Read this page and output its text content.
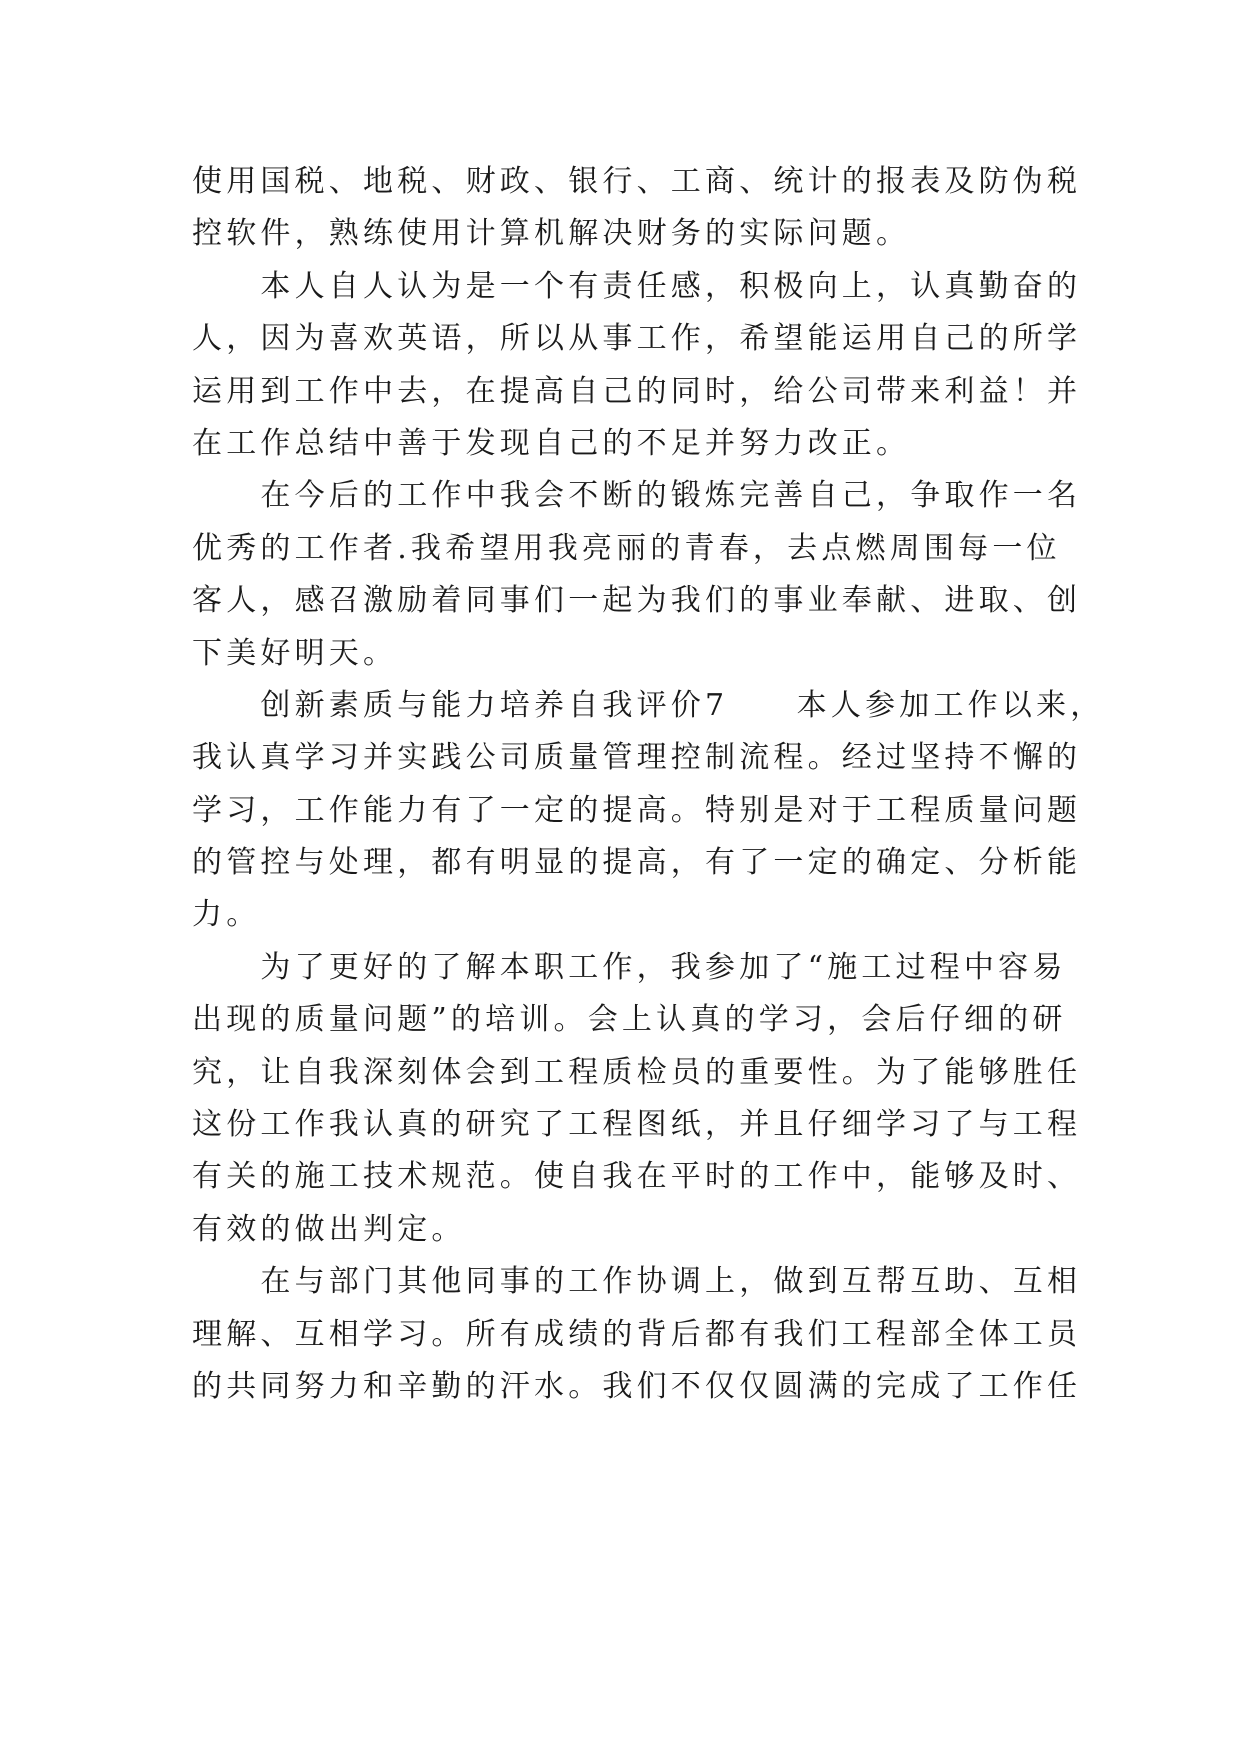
使用国税、地税、财政、银行、工商、统计的报表及防伪税
控软件，熟练使用计算机解决财务的实际问题。
　　本人自人认为是一个有责任感，积极向上，认真勤奋的
人，因为喜欢英语，所以从事工作，希望能运用自己的所学
运用到工作中去，在提高自己的同时，给公司带来利益！并
在工作总结中善于发现自己的不足并努力改正。
　　在今后的工作中我会不断的锻炼完善自己，争取作一名
优秀的工作者.我希望用我亮丽的青春，去点燃周围每一位
客人，感召激励着同事们一起为我们的事业奉献、进取、创
下美好明天。
　　创新素质与能力培养自我评价7　　本人参加工作以来，
我认真学习并实践公司质量管理控制流程。经过坚持不懈的
学习，工作能力有了一定的提高。特别是对于工程质量问题
的管控与处理，都有明显的提高，有了一定的确定、分析能
力。
　　为了更好的了解本职工作，我参加了“施工过程中容易
出现的质量问题”的培训。会上认真的学习，会后仔细的研
究，让自我深刻体会到工程质检员的重要性。为了能够胜任
这份工作我认真的研究了工程图纸，并且仔细学习了与工程
有关的施工技术规范。使自我在平时的工作中，能够及时、
有效的做出判定。
　　在与部门其他同事的工作协调上，做到互帮互助、互相
理解、互相学习。所有成绩的背后都有我们工程部全体工员
的共同努力和辛勤的汗水。我们不仅仅圆满的完成了工作任
